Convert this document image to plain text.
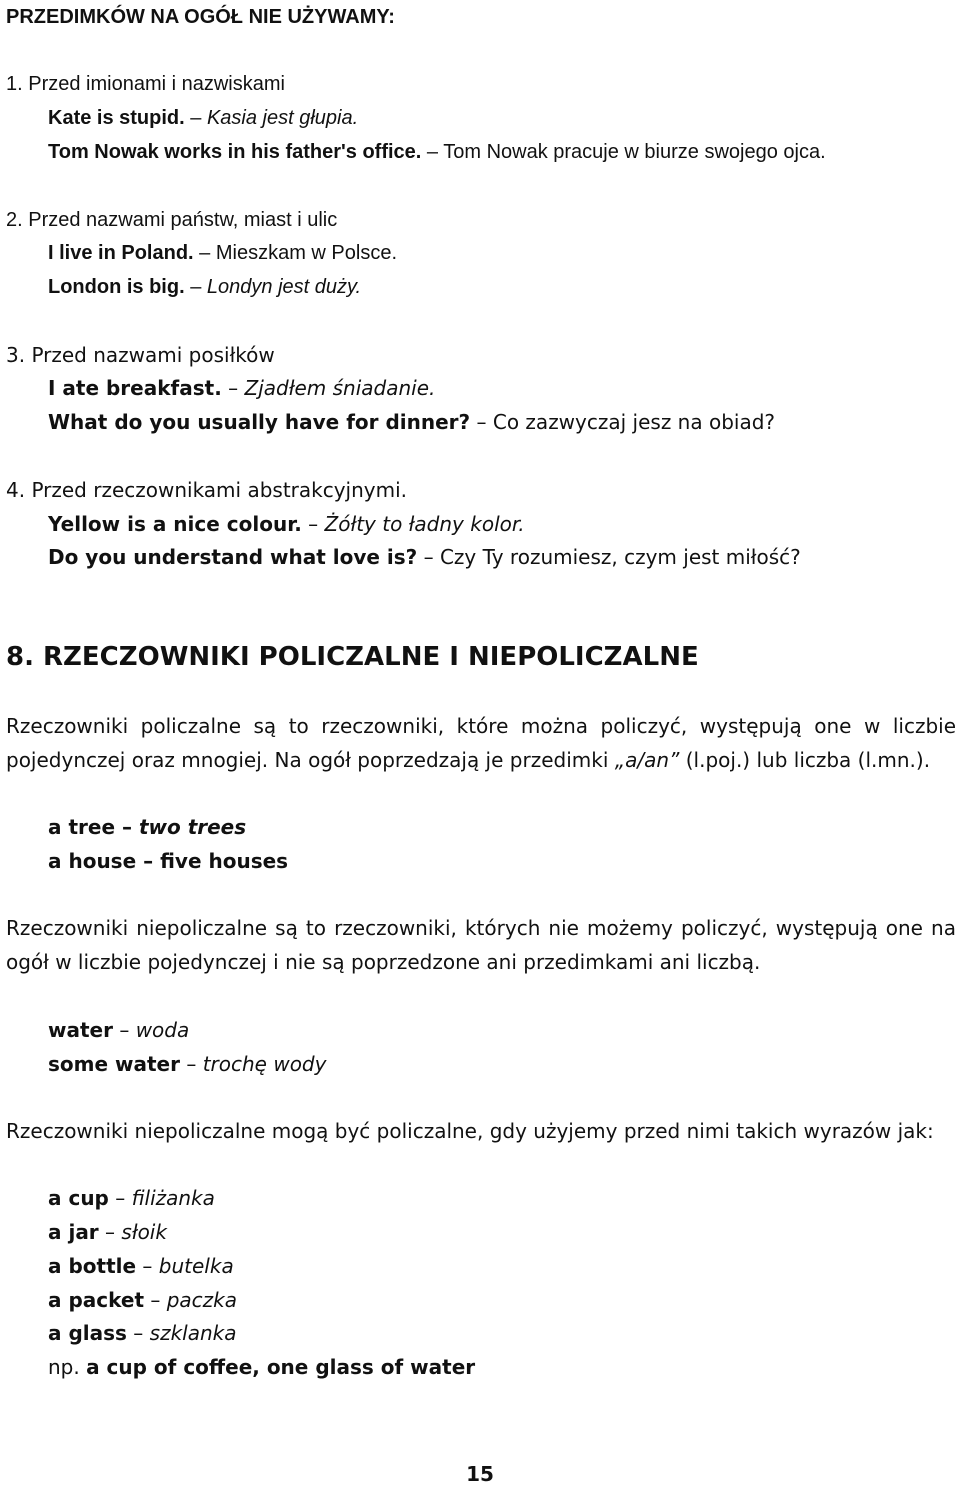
PRZEDIMKÓW NA OGÓŁ NIE UŻYWAMY:
1. Przed imionami i nazwiskami
Kate is stupid. – Kasia jest głupia.
Tom Nowak works in his father's office. – Tom Nowak pracuje w biurze swojego ojca.
2. Przed nazwami państw, miast i ulic
I live in Poland. – Mieszkam w Polsce.
London is big. – Londyn jest duży.
3. Przed nazwami posiłków
I ate breakfast. – Zjadłem śniadanie.
What do you usually have for dinner? – Co zazwyczaj jesz na obiad?
4. Przed rzeczownikami abstrakcyjnymi.
Yellow is a nice colour. – Żółty to ładny kolor.
Do you understand what love is? – Czy Ty rozumiesz, czym jest miłość?
8. RZECZOWNIKI POLICZALNE I NIEPOLICZALNE
Rzeczowniki policzalne są to rzeczowniki, które można policzyć, występują one w liczbie pojedynczej oraz mnogiej. Na ogół poprzedzają je przedimki „a/an” (l.poj.) lub liczba (l.mn.).
a tree – two trees
a house – five houses
Rzeczowniki niepoliczalne są to rzeczowniki, których nie możemy policzyć, występują one na ogół w liczbie pojedynczej i nie są poprzedzone ani przedimkami ani liczbą.
water – woda
some water – trochę wody
Rzeczowniki niepoliczalne mogą być policzalne, gdy użyjemy przed nimi takich wyrazów jak:
a cup – filiżanka
a jar – słoik
a bottle – butelka
a packet – paczka
a glass – szklanka
np. a cup of coffee, one glass of water
15
